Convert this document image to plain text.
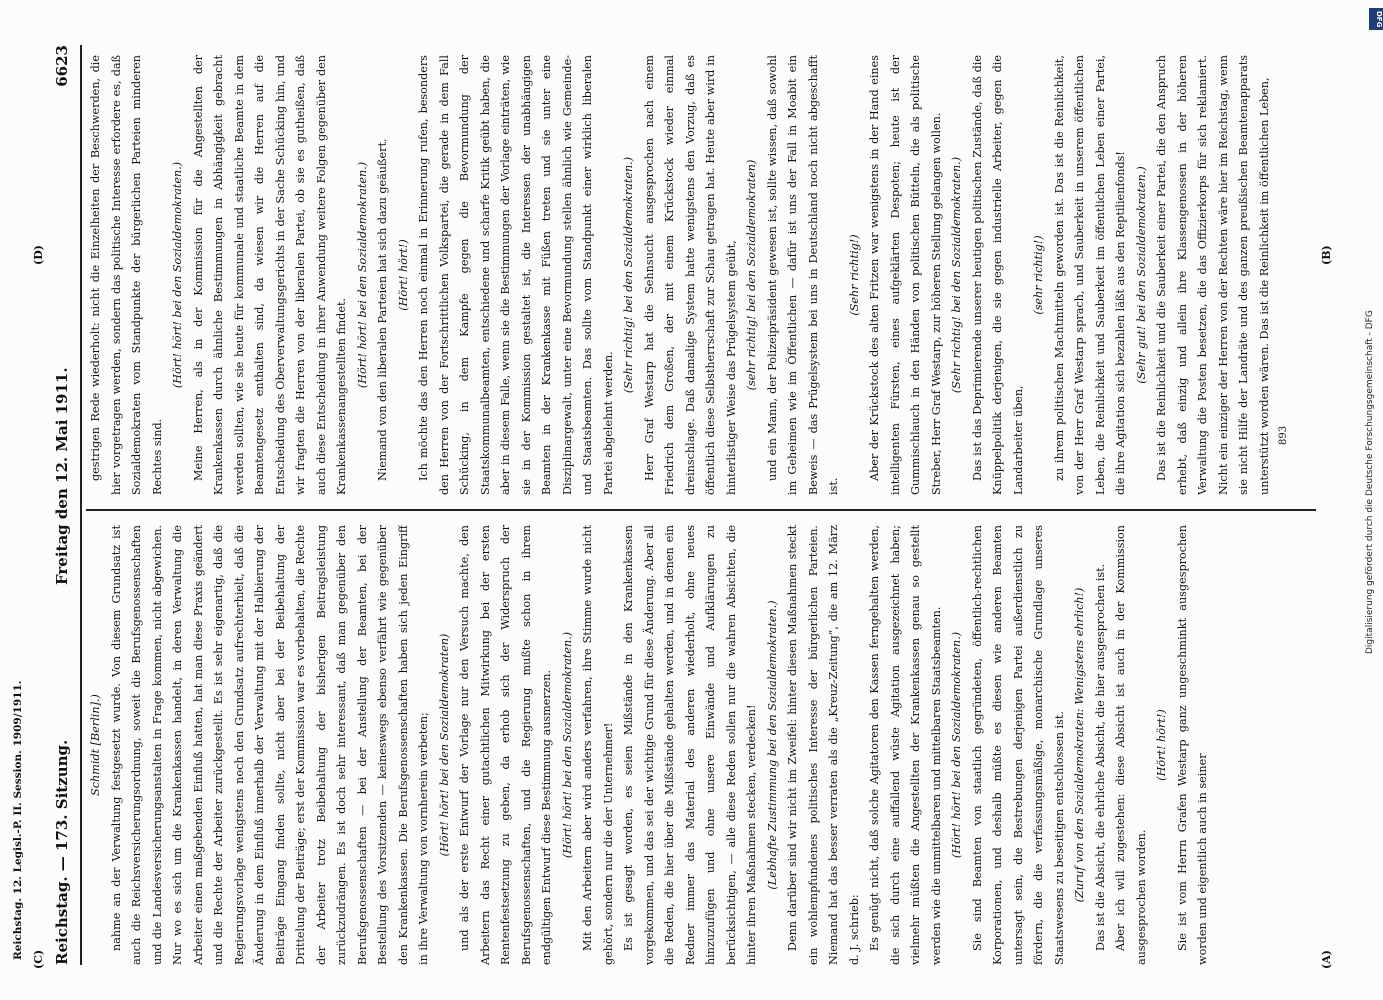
Reichstag. — 173. Sitzung.
Freitag den 12. Mai 1911.
6623

Schmidt [Berlin].) nahme an der Verwaltung festgesetzt wurde. Von diesem Grundsatz ist auch die Reichsversicherungsordnung, soweit die Berufsgenossenschaften und die Landesversicherungsanstalten in Frage kommen, nicht abgewichen. Nur wo es sich um die Krankenkassen handelt, in deren Verwaltung die Arbeiter einen maßgebenden Einfluß hatten, hat man diese Praxis geändert und die Rechte der Arbeiter zurückgestellt. Es ist sehr eigenartig, daß die Regierungsvorlage wenigstens noch den Grundsatz aufrechterhielt, daß die Änderung in dem Einfluß innerhalb der Verwaltung mit der Halbierung der Beiträge Eingang finden sollte, nicht aber bei der Beibehaltung der Drittelung der Beiträge; erst der Kommission war es vorbehalten, die Rechte der Arbeiter trotz Beibehaltung der bisherigen Beitragsleistung zurückzudrängen. Es ist doch sehr interessant, daß man gegenüber den Berufsgenossenschaften — bei der Anstellung der Beamten, bei der Bestellung des Vorsitzenden — keineswegs ebenso verfährt wie gegenüber den Krankenkassen. Die Berufsgenossenschaften haben sich jeden Eingriff in ihre Verwaltung von vornherein verbeten; (Hört! hört! bei den Sozialdemokraten) und als der erste Entwurf der Vorlage nur den Versuch machte, den Arbeitern das Recht einer gutachtlichen Mitwirkung bei der ersten Rentenfestsetzung zu geben, da erhob sich der Widerspruch der Berufsgenossenschaften, und die Regierung mußte schon in ihrem endgültigen Entwurf diese Bestimmung ausmerzen. (Hört! hört! bei den Sozialdemokraten.) Mit den Arbeitern aber wird anders verfahren, ihre Stimme wurde nicht gehört, sondern nur die der Unternehmer! Es ist gesagt worden, es seien Mißstände in den Krankenkassen vorgekommen, und das sei der wichtige Grund für diese Änderung. Aber all die Reden, die hier über die Mißstände gehalten werden, und in denen ein Redner immer das Material des anderen wiederholt, ohne neues hinzuzufügen und ohne unsere Einwände und Aufklärungen zu berücksichtigen, — alle diese Reden sollen nur die wahren Absichten, die hinter ihren Maßnahmen stecken, verdecken! (Lebhafte Zustimmung bei den Sozialdemokraten.) Denn darüber sind wir nicht im Zweifel: hinter diesen Maßnahmen steckt ein wohlempfundenes politisches Interesse der bürgerlichen Parteien. Niemand hat das besser verraten als die „Kreuz-Zeitung“, die am 12. März d. J. schrieb: Es genügt nicht, daß solche Agitatoren den Kassen ferngehalten werden, die sich durch eine auffallend wüste Agitation ausgezeichnet haben; vielmehr müßten die Angestellten der Krankenkassen genau so gestellt werden wie die unmittelbaren und mittelbaren Staatsbeamten. (Hört! hört! bei den Sozialdemokraten.) Sie sind Beamten von staatlich gegründeten, öffentlich-rechtlichen Korporationen, und deshalb müßte es diesen wie anderen Beamten untersagt sein, die Bestrebungen derjenigen Partei außerdienstlich zu fördern, die die verfassungsmäßige, monarchische Grundlage unseres Staatswesens zu beseitigen entschlossen ist. (Zuruf von den Sozialdemokraten: Wenigstens ehrlich!) Das ist die Absicht, die ehrliche Absicht, die hier ausgesprochen ist. Aber ich will zugestehen: diese Absicht ist auch in der Kommission ausgesprochen worden.

(Hört! hört!) Sie ist vom Herrn Grafen Westarp ganz ungeschminkt ausgesprochen worden und eigentlich auch in seiner

gestrigen Rede wiederholt: nicht die Einzelheiten der Beschwerden, die hier vorgetragen werden, sondern das politische Interesse erfordere es, daß Sozialdemokraten vom Standpunkte der bürgerlichen Parteien minderen Rechtes sind.

(Hört! hört! bei den Sozialdemokraten.) Meine Herren, als in der Kommission für die Angestellten der Krankenkassen durch ähnliche Bestimmungen in Abhängigkeit gebracht werden sollten, wie sie heute für kommunale und staatliche Beamte in dem Beamtengesetz enthalten sind, da wiesen wir die Herren auf die Entscheidung des Oberverwaltungsgerichts in der Sache Schücking hin, und wir fragten die Herren von der liberalen Partei, ob sie es gutheißen, daß auch diese Entscheidung in ihrer Anwendung weitere Folgen gegenüber den Krankenkassenangestellten findet.

(Hört! hört! bei den Sozialdemokraten.) Niemand von den liberalen Parteien hat sich dazu geäußert. (Hört! hört!) Ich möchte das den Herren noch einmal in Erinnerung rufen, besonders den Herren von der Fortschrittlichen Volkspartei, die gerade in dem Fall Schücking, in dem Kampfe gegen die Bevormundung der Staatskommunalbeamten, entschiedene und scharfe Kritik geübt haben, die aber in diesem Falle, wenn sie die Bestimmungen der Vorlage einträten, wie sie in der Kommission gestaltet ist, die Interessen der unabhängigen Beamten in der Krankenkasse mit Füßen treten und sie unter eine Disziplinargewalt, unter eine Bevormundung stellen ähnlich wie Gemeinde- und Staatsbeamten. Das sollte vom Standpunkt einer wirklich liberalen Partei abgelehnt werden.

(Sehr richtig! bei den Sozialdemokraten.) Herr Graf Westarp hat die Sehnsucht ausgesprochen nach einem Friedrich dem Großen, der mit einem Krückstock wieder einmal dreinschlage. Daß damalige System hatte wenigstens den Vorzug, daß es öffentlich diese Selbstherrschaft zur Schau getragen hat. Heute aber wird in hinterlistiger Weise das Prügelsystem geübt, (sehr richtig! bei den Sozialdemokraten) und ein Mann, der Polizeipräsident gewesen ist, sollte wissen, daß sowohl im Geheimen wie im Öffentlichen — dafür ist uns der Fall in Moabit ein Beweis — das Prügelsystem bei uns in Deutschland noch nicht abgeschafft ist.

(Sehr richtig!) Aber der Krückstock des alten Fritzen war wenigstens in der Hand eines intelligenten Fürsten, eines aufgeklärten Despoten; heute ist der Gummischlauch in den Händen von politischen Bütteln, die als politische Streber, Herr Graf Westarp, zur höheren Stellung gelangen wollen. (Sehr richtig! bei den Sozialdemokraten.) Das ist das Deprimierende unserer heutigen politischen Zustände, daß die Knüppelpolitik derjenigen, die sie gegen industrielle Arbeiter, gegen die Landarbeiter üben,

(sehr richtig!) zu ihrem politischen Machtmitteln geworden ist. Das ist die Reinlichkeit, von der Herr Graf Westarp sprach, und Sauberkeit in unserem öffentlichen Leben, die Reinlichkeit und Sauberkeit im öffentlichen Leben einer Partei, die ihre Agitation sich bezahlen läßt aus den Reptilienfonds! (Sehr gut! bei den Sozialdemokraten.) Das ist die Reinlichkeit und die Sauberkeit einer Partei, die den Anspruch erhebt, daß einzig und allein ihre Klassengenossen in der höheren Verwaltung die Posten besetzen, die das Offizierkorps für sich reklamiert. Nicht ein einziger der Herren von der Rechten wäre hier im Reichstag, wenn sie nicht Hilfe der Landräte und des ganzen preußischen Beamtenapparats unterstützt worden wären. Das ist die Reinlichkeit im öffentlichen Leben,

(A)
(B)
(C)
(D)
893
Reichstag. 12. Legisl.-P. II. Session. 1909/1911.
DFG
Digitalisierung gefördert durch die Deutsche Forschungsgemeinschaft - DFG
